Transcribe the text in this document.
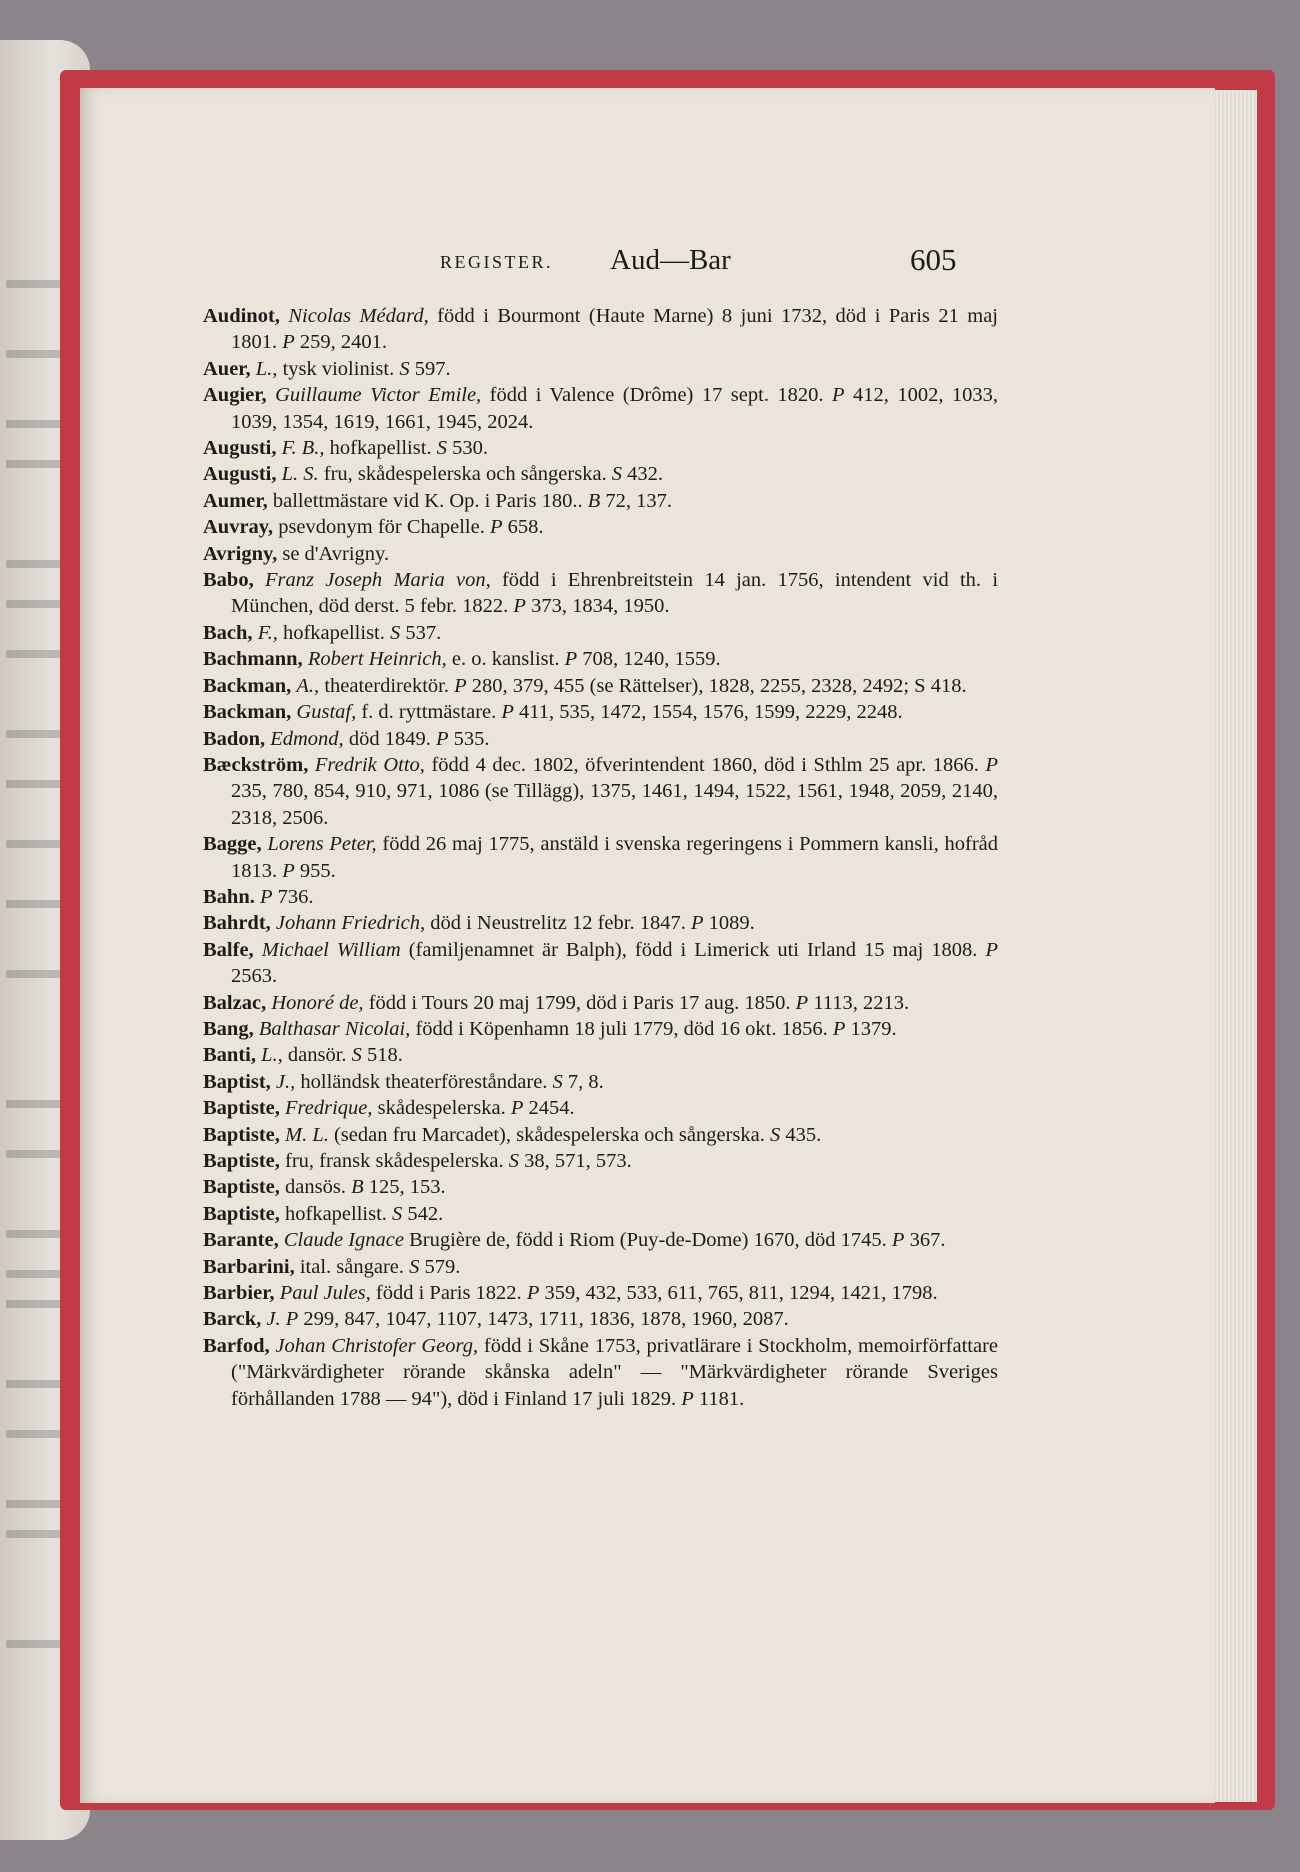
REGISTER. Aud—Bar	605
Audinot, Nicolas Médard, född i Bourmont (Haute Marne) 8 juni 1732, död i Paris 21 maj 1801. P 259, 2401.
Auer, L., tysk violinist. S 597.
Augier, Guillaume Victor Emile, född i Valence (Drôme) 17 sept. 1820. P 412, 1002, 1033, 1039, 1354, 1619, 1661, 1945, 2024.
Augusti, F. B., hofkapellist. S 530.
Augusti, L. S. fru, skådespelerska och sångerska. S 432.
Aumer, ballettmästare vid K. Op. i Paris 180.. B 72, 137.
Auvray, psevdonym för Chapelle. P 658.
Avrigny, se d'Avrigny.
Babo, Franz Joseph Maria von, född i Ehrenbreitstein 14 jan. 1756, intendent vid th. i München, död derst. 5 febr. 1822. P 373, 1834, 1950.
Bach, F., hofkapellist. S 537.
Bachmann, Robert Heinrich, e. o. kanslist. P 708, 1240, 1559.
Backman, A., theaterdirektör. P 280, 379, 455 (se Rättelser), 1828, 2255, 2328, 2492; S 418.
Backman, Gustaf, f. d. ryttmästare. P 411, 535, 1472, 1554, 1576, 1599, 2229, 2248.
Badon, Edmond, död 1849. P 535.
Bæckström, Fredrik Otto, född 4 dec. 1802, öfverintendent 1860, död i Sthlm 25 apr. 1866. P 235, 780, 854, 910, 971, 1086 (se Tillägg), 1375, 1461, 1494, 1522, 1561, 1948, 2059, 2140, 2318, 2506.
Bagge, Lorens Peter, född 26 maj 1775, anstäld i svenska regeringens i Pommern kansli, hofråd 1813. P 955.
Bahn. P 736.
Bahrdt, Johann Friedrich, död i Neustrelitz 12 febr. 1847. P 1089.
Balfe, Michael William (familjenamnet är Balph), född i Limerick uti Irland 15 maj 1808. P 2563.
Balzac, Honoré de, född i Tours 20 maj 1799, död i Paris 17 aug. 1850. P 1113, 2213.
Bang, Balthasar Nicolai, född i Köpenhamn 18 juli 1779, död 16 okt. 1856. P 1379.
Banti, L., dansör. S 518.
Baptist, J., holländsk theaterföreståndare. S 7, 8.
Baptiste, Fredrique, skådespelerska. P 2454.
Baptiste, M. L. (sedan fru Marcadet), skådespelerska och sångerska. S 435.
Baptiste, fru, fransk skådespelerska. S 38, 571, 573.
Baptiste, dansös. B 125, 153.
Baptiste, hofkapellist. S 542.
Barante, Claude Ignace Brugière de, född i Riom (Puy-de-Dome) 1670, död 1745. P 367.
Barbarini, ital. sångare. S 579.
Barbier, Paul Jules, född i Paris 1822. P 359, 432, 533, 611, 765, 811, 1294, 1421, 1798.
Barck, J. P 299, 847, 1047, 1107, 1473, 1711, 1836, 1878, 1960, 2087.
Barfod, Johan Christofer Georg, född i Skåne 1753, privatlärare i Stockholm, memoirförfattare ("Märkvärdigheter rörande skånska adeln" — "Märkvärdigheter rörande Sveriges förhållanden 1788 — 94"), död i Finland 17 juli 1829. P 1181.
